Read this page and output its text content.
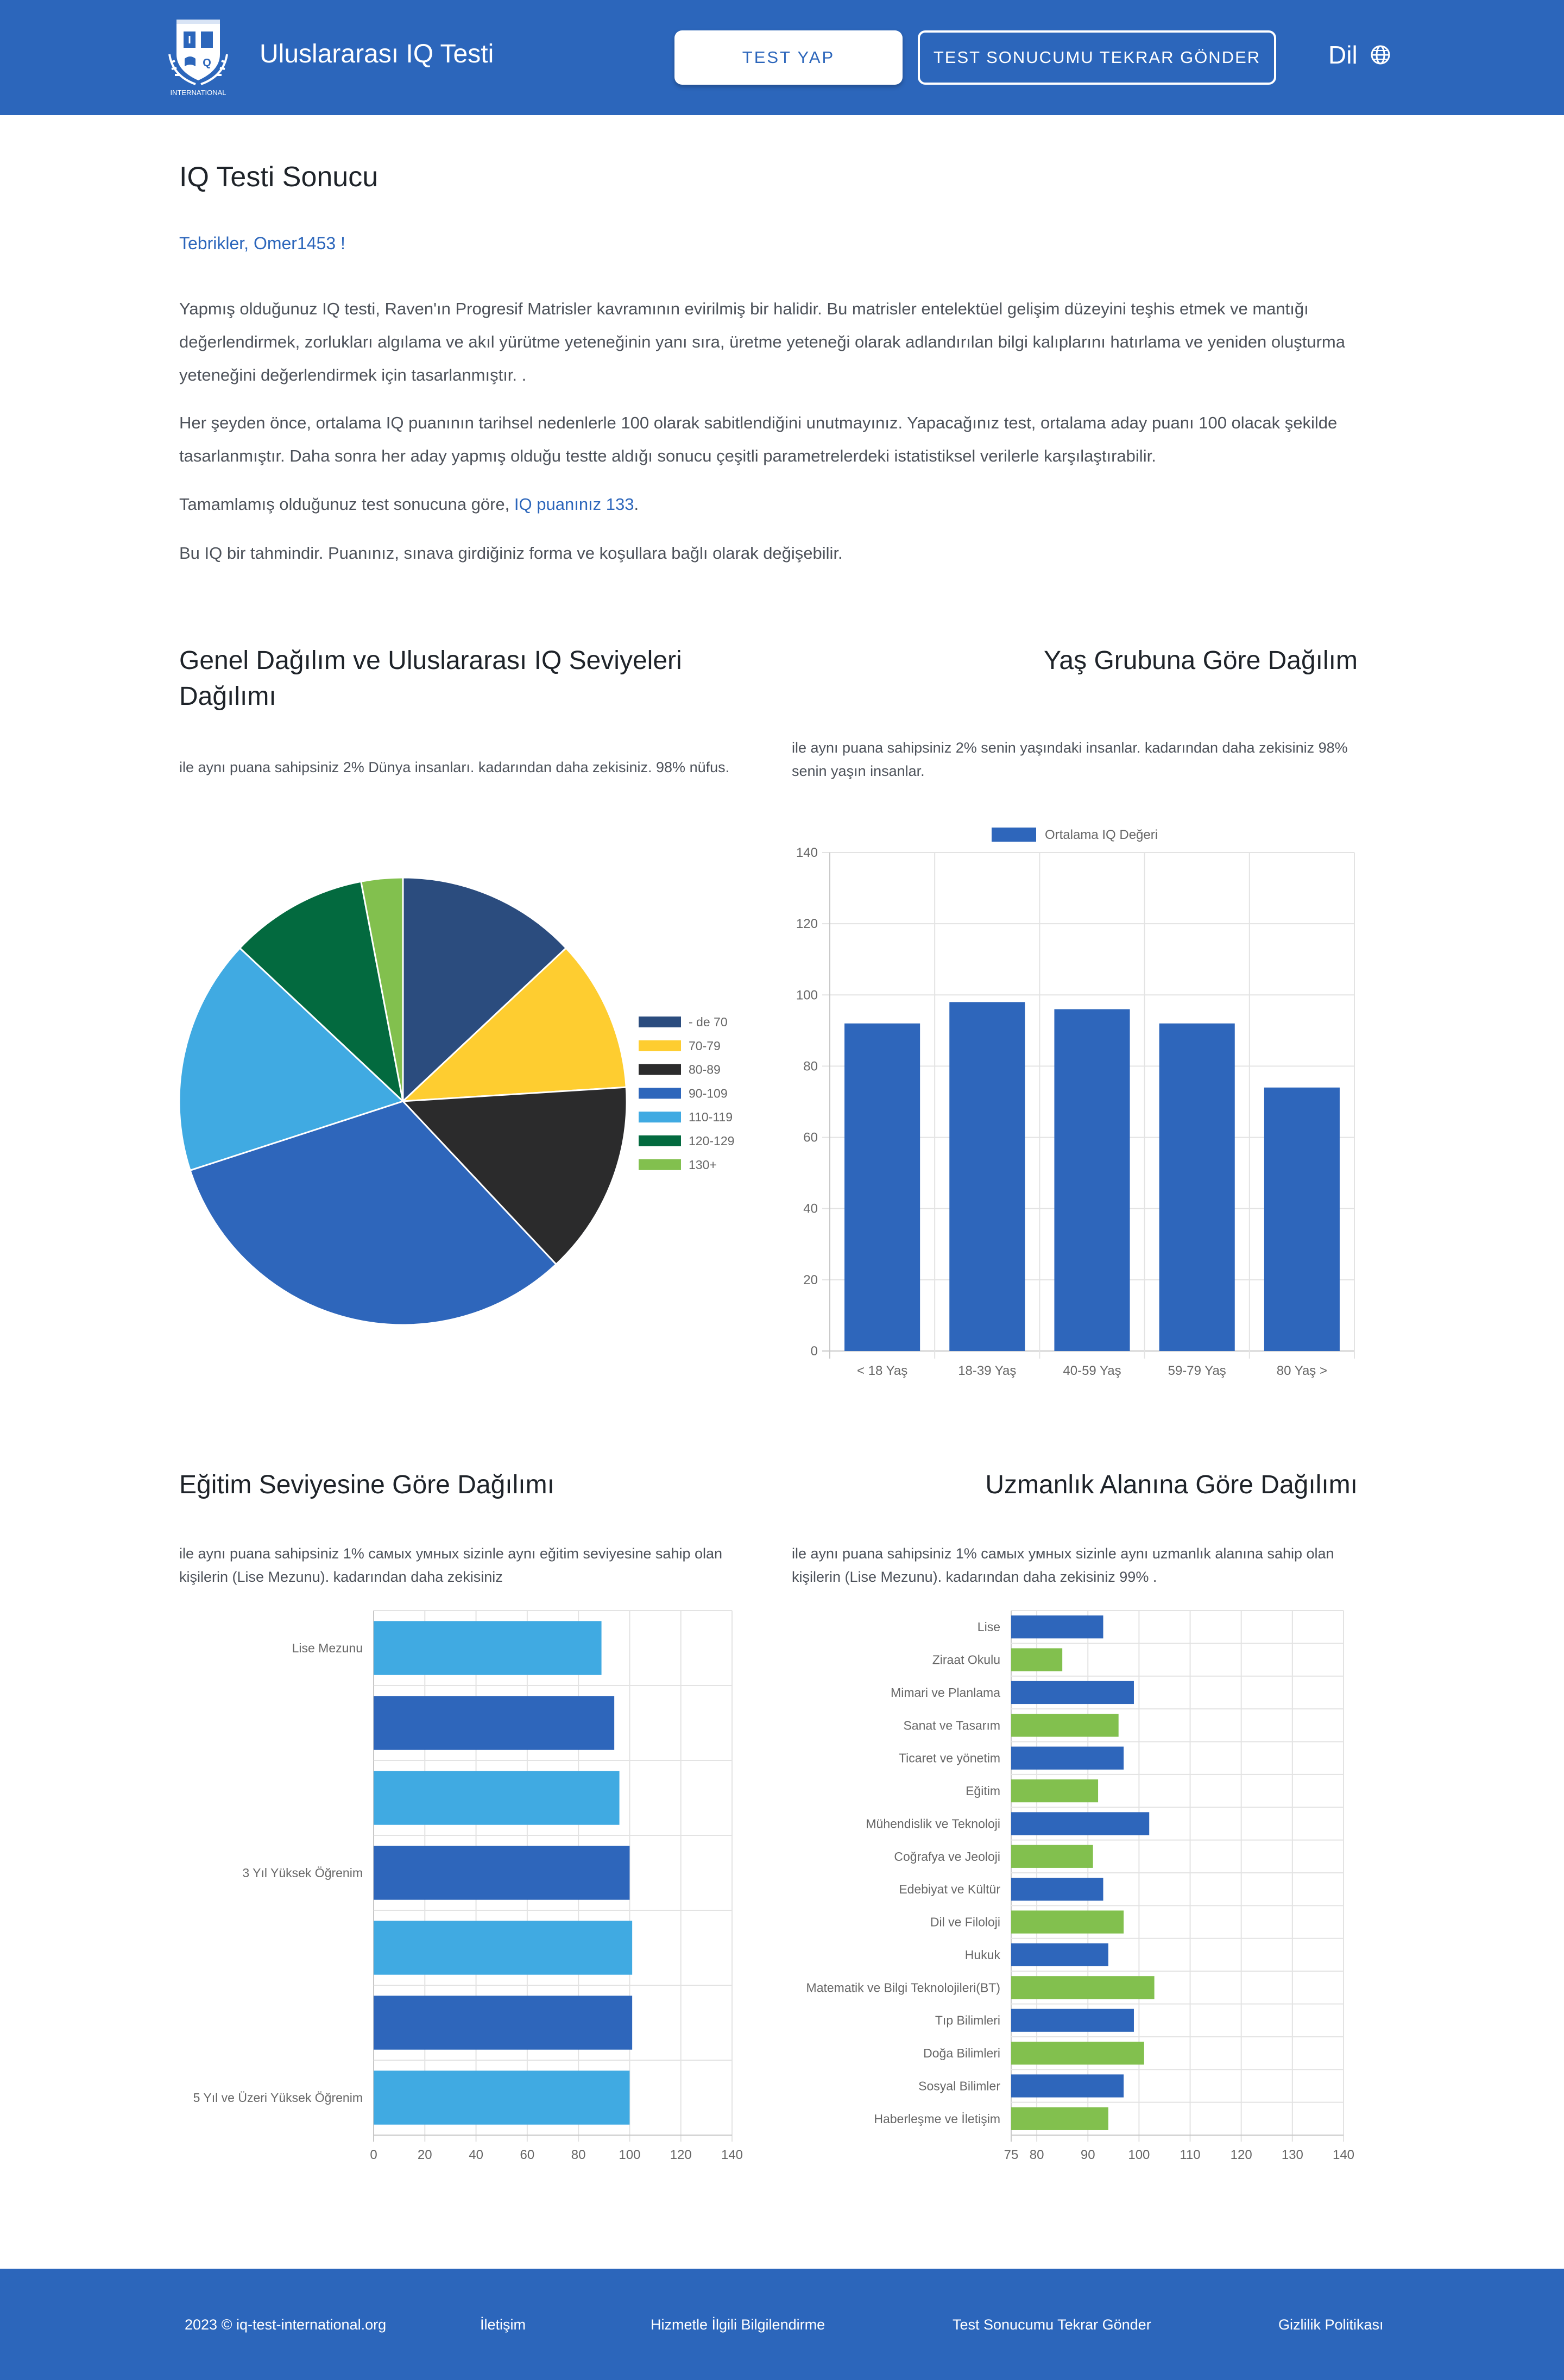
I
Q
INTERNATIONAL
Uluslararası IQ Testi	TEST YAP	TEST SONUCUMU TEKRAR GÖNDER	Dil
IQ Testi Sonucu
Tebrikler, Omer1453 !
Yapmış olduğunuz IQ testi, Raven'ın Progresif Matrisler kavramının evirilmiş bir halidir. Bu matrisler entelektüel gelişim düzeyini teşhis etmek ve mantığı değerlendirmek, zorlukları algılama ve akıl yürütme yeteneğinin yanı sıra, üretme yeteneği olarak adlandırılan bilgi kalıplarını hatırlama ve yeniden oluşturma yeteneğini değerlendirmek için tasarlanmıştır. .
Her şeyden önce, ortalama IQ puanının tarihsel nedenlerle 100 olarak sabitlendiğini unutmayınız. Yapacağınız test, ortalama aday puanı 100 olacak şekilde tasarlanmıştır. Daha sonra her aday yapmış olduğu testte aldığı sonucu çeşitli parametrelerdeki istatistiksel verilerle karşılaştırabilir.
Tamamlamış olduğunuz test sonucuna göre, IQ puanınız 133.
Bu IQ bir tahmindir. Puanınız, sınava girdiğiniz forma ve koşullara bağlı olarak değişebilir.
Genel Dağılım ve Uluslararası IQ Seviyeleri Dağılımı
ile aynı puana sahipsiniz 2% Dünya insanları. kadarından daha zekisiniz. 98% nüfus.
- de 70
70-79
80-89
90-109
110-119
120-129
130+
Yaş Grubuna Göre Dağılım
ile aynı puana sahipsiniz 2% senin yaşındaki insanlar. kadarından daha zekisiniz 98% senin yaşın insanlar.
Ortalama IQ Değeri
0
20
40
60
80
100
120
140
< 18 Yaş	18-39 Yaş	40-59 Yaş	59-79 Yaş	80 Yaş >
Eğitim Seviyesine Göre Dağılımı
ile aynı puana sahipsiniz 1% самых умных sizinle aynı eğitim seviyesine sahip olan kişilerin (Lise Mezunu). kadarından daha zekisiniz
0	20	40	60	80	100 120 140
Lise Mezunu
3 Yıl Yüksek Öğrenim
5 Yıl ve Üzeri Yüksek Öğrenim
Uzmanlık Alanına Göre Dağılımı
ile aynı puana sahipsiniz 1% самых умных sizinle aynı uzmanlık alanına sahip olan kişilerin (Lise Mezunu). kadarından daha zekisiniz 99% .
75 80	90	100 110 120 130 140
Lise
Ziraat Okulu
Mimari ve Planlama
Sanat ve Tasarım
Ticaret ve yönetim
Eğitim
Mühendislik ve Teknoloji
Coğrafya ve Jeoloji
Edebiyat ve Kültür
Dil ve Filoloji
Hukuk
Matematik ve Bilgi Teknolojileri(BT)
Tıp Bilimleri
Doğa Bilimleri
Sosyal Bilimler
Haberleşme ve İletişim
2023 © iq-test-international.org	İletişim	Hizmetle İlgili Bilgilendirme	Test Sonucumu Tekrar Gönder	Gizlilik Politikası
